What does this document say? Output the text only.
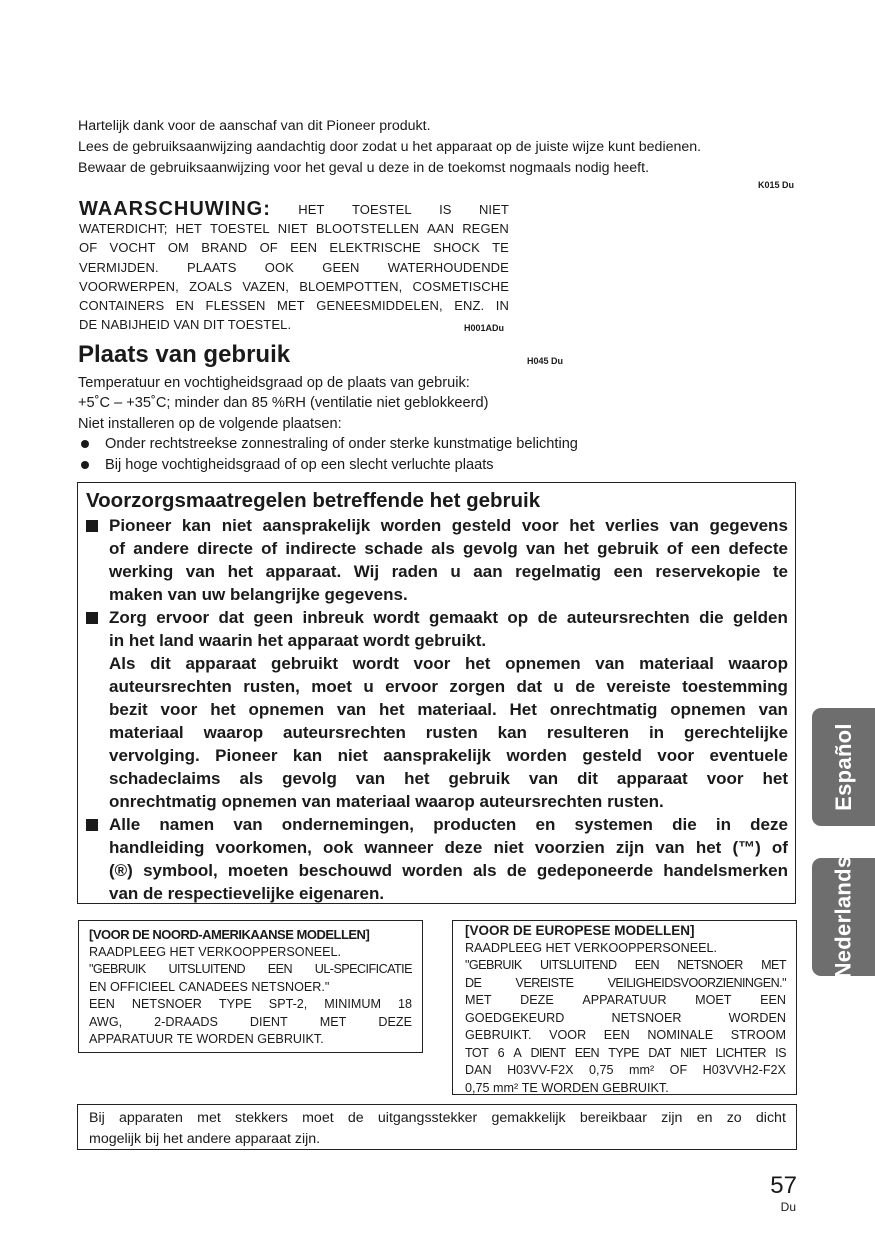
Hartelijk dank voor de aanschaf van dit Pioneer produkt.
Lees de gebruiksaanwijzing aandachtig door zodat u het apparaat op de juiste wijze kunt bedienen.
Bewaar de gebruiksaanwijzing voor het geval u deze in de toekomst nogmaals nodig heeft.
K015 Du
WAARSCHUWING: HET TOESTEL IS NIET
WATERDICHT; HET TOESTEL NIET BLOOTSTELLEN AAN REGEN
OF VOCHT OM BRAND OF EEN ELEKTRISCHE SHOCK TE
VERMIJDEN. PLAATS OOK GEEN WATERHOUDENDE
VOORWERPEN, ZOALS VAZEN, BLOEMPOTTEN, COSMETISCHE
CONTAINERS EN FLESSEN MET GENEESMIDDELEN, ENZ. IN
DE NABIJHEID VAN DIT TOESTEL.	H001ADu
Plaats van gebruik	H045 Du
Temperatuur en vochtigheidsgraad op de plaats van gebruik:
+5˚C – +35˚C; minder dan 85 %RH (ventilatie niet geblokkeerd)
Niet installeren op de volgende plaatsen:
Onder rechtstreekse zonnestraling of onder sterke kunstmatige belichting
Bij hoge vochtigheidsgraad of op een slecht verluchte plaats
Voorzorgsmaatregelen betreffende het gebruik
Pioneer kan niet aansprakelijk worden gesteld voor het verlies van gegevens
of andere directe of indirecte schade als gevolg van het gebruik of een defecte
werking van het apparaat. Wij raden u aan regelmatig een reservekopie te
maken van uw belangrijke gegevens.
Zorg ervoor dat geen inbreuk wordt gemaakt op de auteursrechten die gelden
in het land waarin het apparaat wordt gebruikt.
Als dit apparaat gebruikt wordt voor het opnemen van materiaal waarop
auteursrechten rusten, moet u ervoor zorgen dat u de vereiste toestemming
bezit voor het opnemen van het materiaal. Het onrechtmatig opnemen van
materiaal waarop auteursrechten rusten kan resulteren in gerechtelijke
vervolging. Pioneer kan niet aansprakelijk worden gesteld voor eventuele
schadeclaims als gevolg van het gebruik van dit apparaat voor het
onrechtmatig opnemen van materiaal waarop auteursrechten rusten.
Alle namen van ondernemingen, producten en systemen die in deze
handleiding voorkomen, ook wanneer deze niet voorzien zijn van het (™) of
(®) symbool, moeten beschouwd worden als de gedeponeerde handelsmerken
van de respectievelijke eigenaren.
[VOOR DE NOORD-AMERIKAANSE MODELLEN]
RAADPLEEG HET VERKOOPPERSONEEL.
"GEBRUIK UITSLUITEND EEN UL-SPECIFICATIE
EN OFFICIEEL CANADEES NETSNOER."
EEN NETSNOER TYPE SPT-2, MINIMUM 18
AWG,	2-DRAADS	DIENT	MET	DEZE
APPARATUUR TE WORDEN GEBRUIKT.
[VOOR DE EUROPESE MODELLEN]
RAADPLEEG HET VERKOOPPERSONEEL.
"GEBRUIK UITSLUITEND EEN NETSNOER MET
DE	VEREISTE	VEILIGHEIDSVOORZIENINGEN."
MET DEZE APPARATUUR MOET EEN
GOEDGEKEURD	NETSNOER	WORDEN
GEBRUIKT. VOOR EEN NOMINALE STROOM
TOT 6 A DIENT EEN TYPE DAT NIET LICHTER IS
DAN H03VV-F2X 0,75 mm² OF H03VVH2-F2X
0,75 mm² TE WORDEN GEBRUIKT.
Bij apparaten met stekkers moet de uitgangsstekker gemakkelijk bereikbaar zijn en zo dicht
mogelijk bij het andere apparaat zijn.
57
Du
Español
Nederlands
